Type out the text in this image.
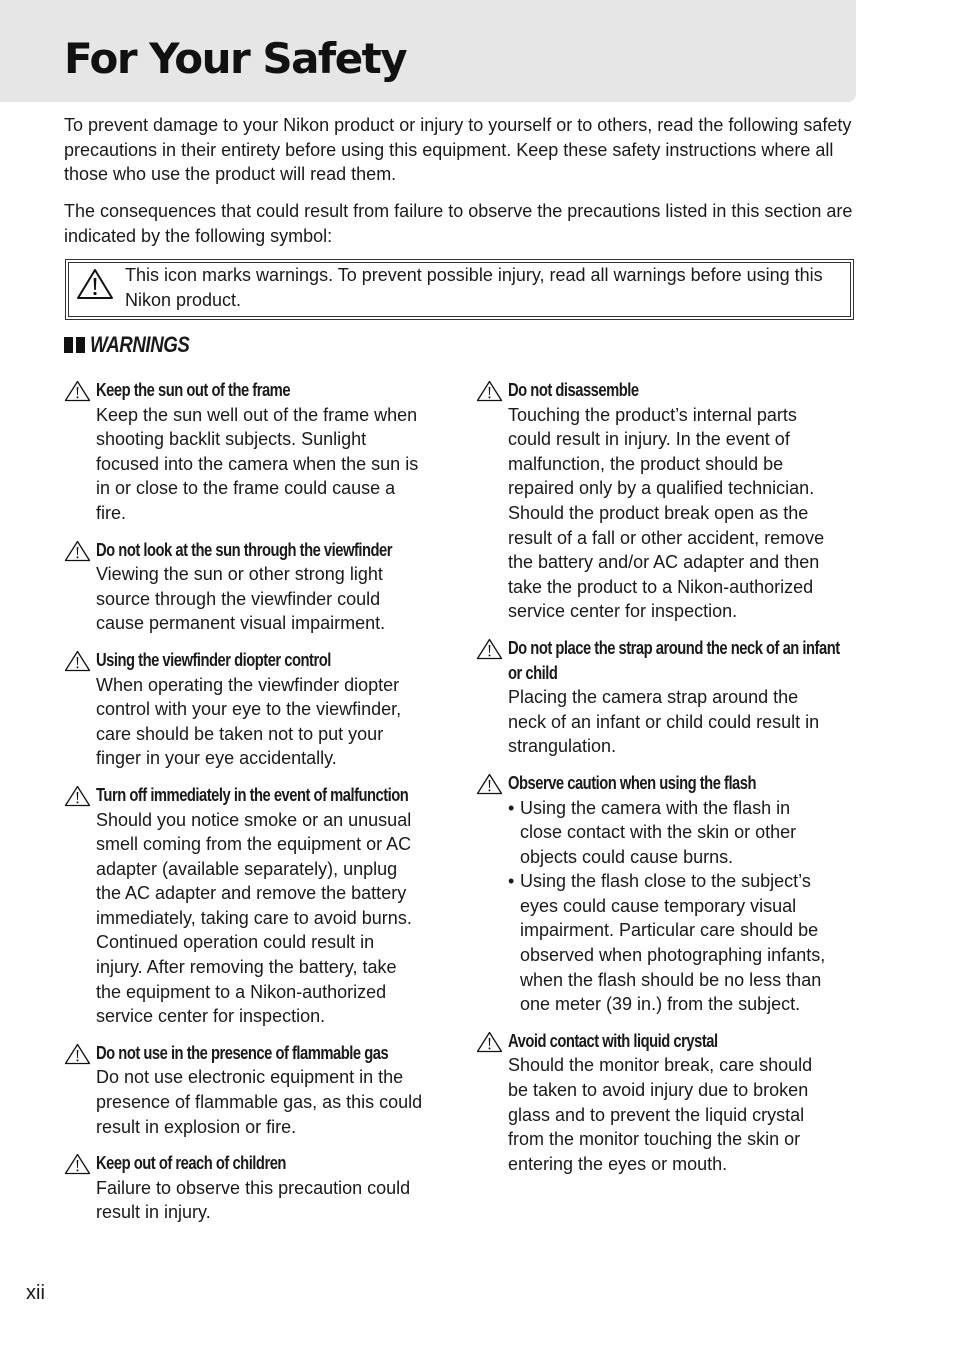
For Your Safety

To prevent damage to your Nikon product or injury to yourself or to others, read the following safety precautions in their entirety before using this equipment. Keep these safety instructions where all those who use the product will read them.

The consequences that could result from failure to observe the precautions listed in this section are indicated by the following symbol:

This icon marks warnings. To prevent possible injury, read all warnings before using this Nikon product.
WARNINGS
Keep the sun out of the frame
Keep the sun well out of the frame when shooting backlit subjects. Sunlight focused into the camera when the sun is in or close to the frame could cause a fire.
Do not look at the sun through the viewfinder
Viewing the sun or other strong light source through the viewfinder could cause permanent visual impairment.
Using the viewfinder diopter control
When operating the viewfinder diopter control with your eye to the viewfinder, care should be taken not to put your finger in your eye accidentally.
Turn off immediately in the event of malfunction
Should you notice smoke or an unusual smell coming from the equipment or AC adapter (available separately), unplug the AC adapter and remove the battery immediately, taking care to avoid burns. Continued operation could result in injury. After removing the battery, take the equipment to a Nikon-authorized service center for inspection.
Do not use in the presence of flammable gas
Do not use electronic equipment in the presence of flammable gas, as this could result in explosion or fire.
Keep out of reach of children
Failure to observe this precaution could result in injury.
Do not disassemble
Touching the product’s internal parts could result in injury. In the event of malfunction, the product should be repaired only by a qualified technician. Should the product break open as the result of a fall or other accident, remove the battery and/or AC adapter and then take the product to a Nikon-authorized service center for inspection.
Do not place the strap around the neck of an infant or child
Placing the camera strap around the neck of an infant or child could result in strangulation.
Observe caution when using the flash
• Using the camera with the flash in close contact with the skin or other objects could cause burns.
• Using the flash close to the subject’s eyes could cause temporary visual impairment. Particular care should be observed when photographing infants, when the flash should be no less than one meter (39 in.) from the subject.
Avoid contact with liquid crystal
Should the monitor break, care should be taken to avoid injury due to broken glass and to prevent the liquid crystal from the monitor touching the skin or entering the eyes or mouth.
xii
